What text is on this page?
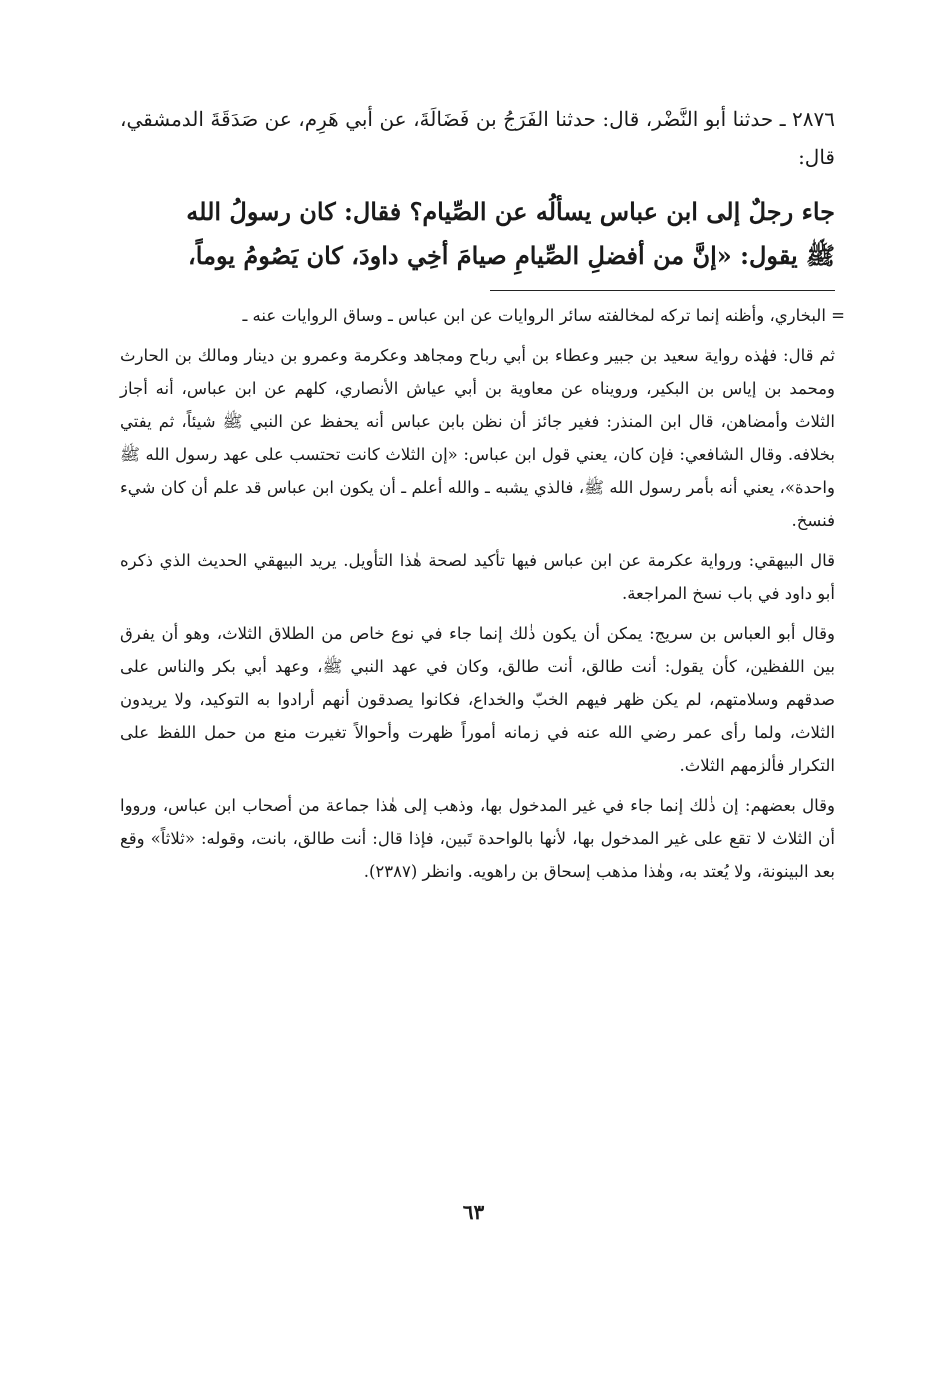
٢٨٧٦ ـ حدثنا أبو النَّضْر، قال: حدثنا الفَرَجُ بن فَضَالَةَ، عن أبي هَرِم، عن صَدَقَةَ الدمشقي، قال:

جاء رجلٌ إلى ابن عباس يسألُه عن الصِّيام؟ فقال: كان رسولُ الله

ﷺ يقول: «إنَّ من أفضلِ الصِّيامِ صيامَ أخِي داودَ، كان يَصُومُ يوماً،

= البخاري، وأظنه إنما تركه لمخالفته سائر الروايات عن ابن عباس ـ وساق الروايات عنه ـ

ثم قال: فهٰذه رواية سعيد بن جبير وعطاء بن أبي رباح ومجاهد وعكرمة وعمرو بن دينار ومالك بن الحارث ومحمد بن إياس بن البكير، ورويناه عن معاوية بن أبي عياش الأنصاري، كلهم عن ابن عباس، أنه أجاز الثلاث وأمضاهن، قال ابن المنذر: فغير جائز أن نظن بابن عباس أنه يحفظ عن النبي ﷺ شيئاً، ثم يفتي بخلافه. وقال الشافعي: فإن كان، يعني قول ابن عباس: «إن الثلاث كانت تحتسب على عهد رسول الله ﷺ واحدة»، يعني أنه بأمر رسول الله ﷺ، فالذي يشبه ـ والله أعلم ـ أن يكون ابن عباس قد علم أن كان شيء فنسخ.

قال البيهقي: ورواية عكرمة عن ابن عباس فيها تأكيد لصحة هٰذا التأويل. يريد البيهقي الحديث الذي ذكره أبو داود في باب نسخ المراجعة.

وقال أبو العباس بن سريج: يمكن أن يكون ذٰلك إنما جاء في نوع خاص من الطلاق الثلاث، وهو أن يفرق بين اللفظين، كأن يقول: أنت طالق، أنت طالق، وكان في عهد النبي ﷺ، وعهد أبي بكر والناس على صدقهم وسلامتهم، لم يكن ظهر فيهم الخبّ والخداع، فكانوا يصدقون أنهم أرادوا به التوكيد، ولا يريدون الثلاث، ولما رأى عمر رضي الله عنه في زمانه أموراً ظهرت وأحوالاً تغيرت منع من حمل اللفظ على التكرار فألزمهم الثلاث.

وقال بعضهم: إن ذٰلك إنما جاء في غير المدخول بها، وذهب إلى هٰذا جماعة من أصحاب ابن عباس، ورووا أن الثلاث لا تقع على غير المدخول بها، لأنها بالواحدة تَبين، فإذا قال: أنت طالق، بانت، وقوله: «ثلاثاً» وقع بعد البينونة، ولا يُعتد به، وهٰذا مذهب إسحاق بن راهويه. وانظر (٢٣٨٧).

٦٣
